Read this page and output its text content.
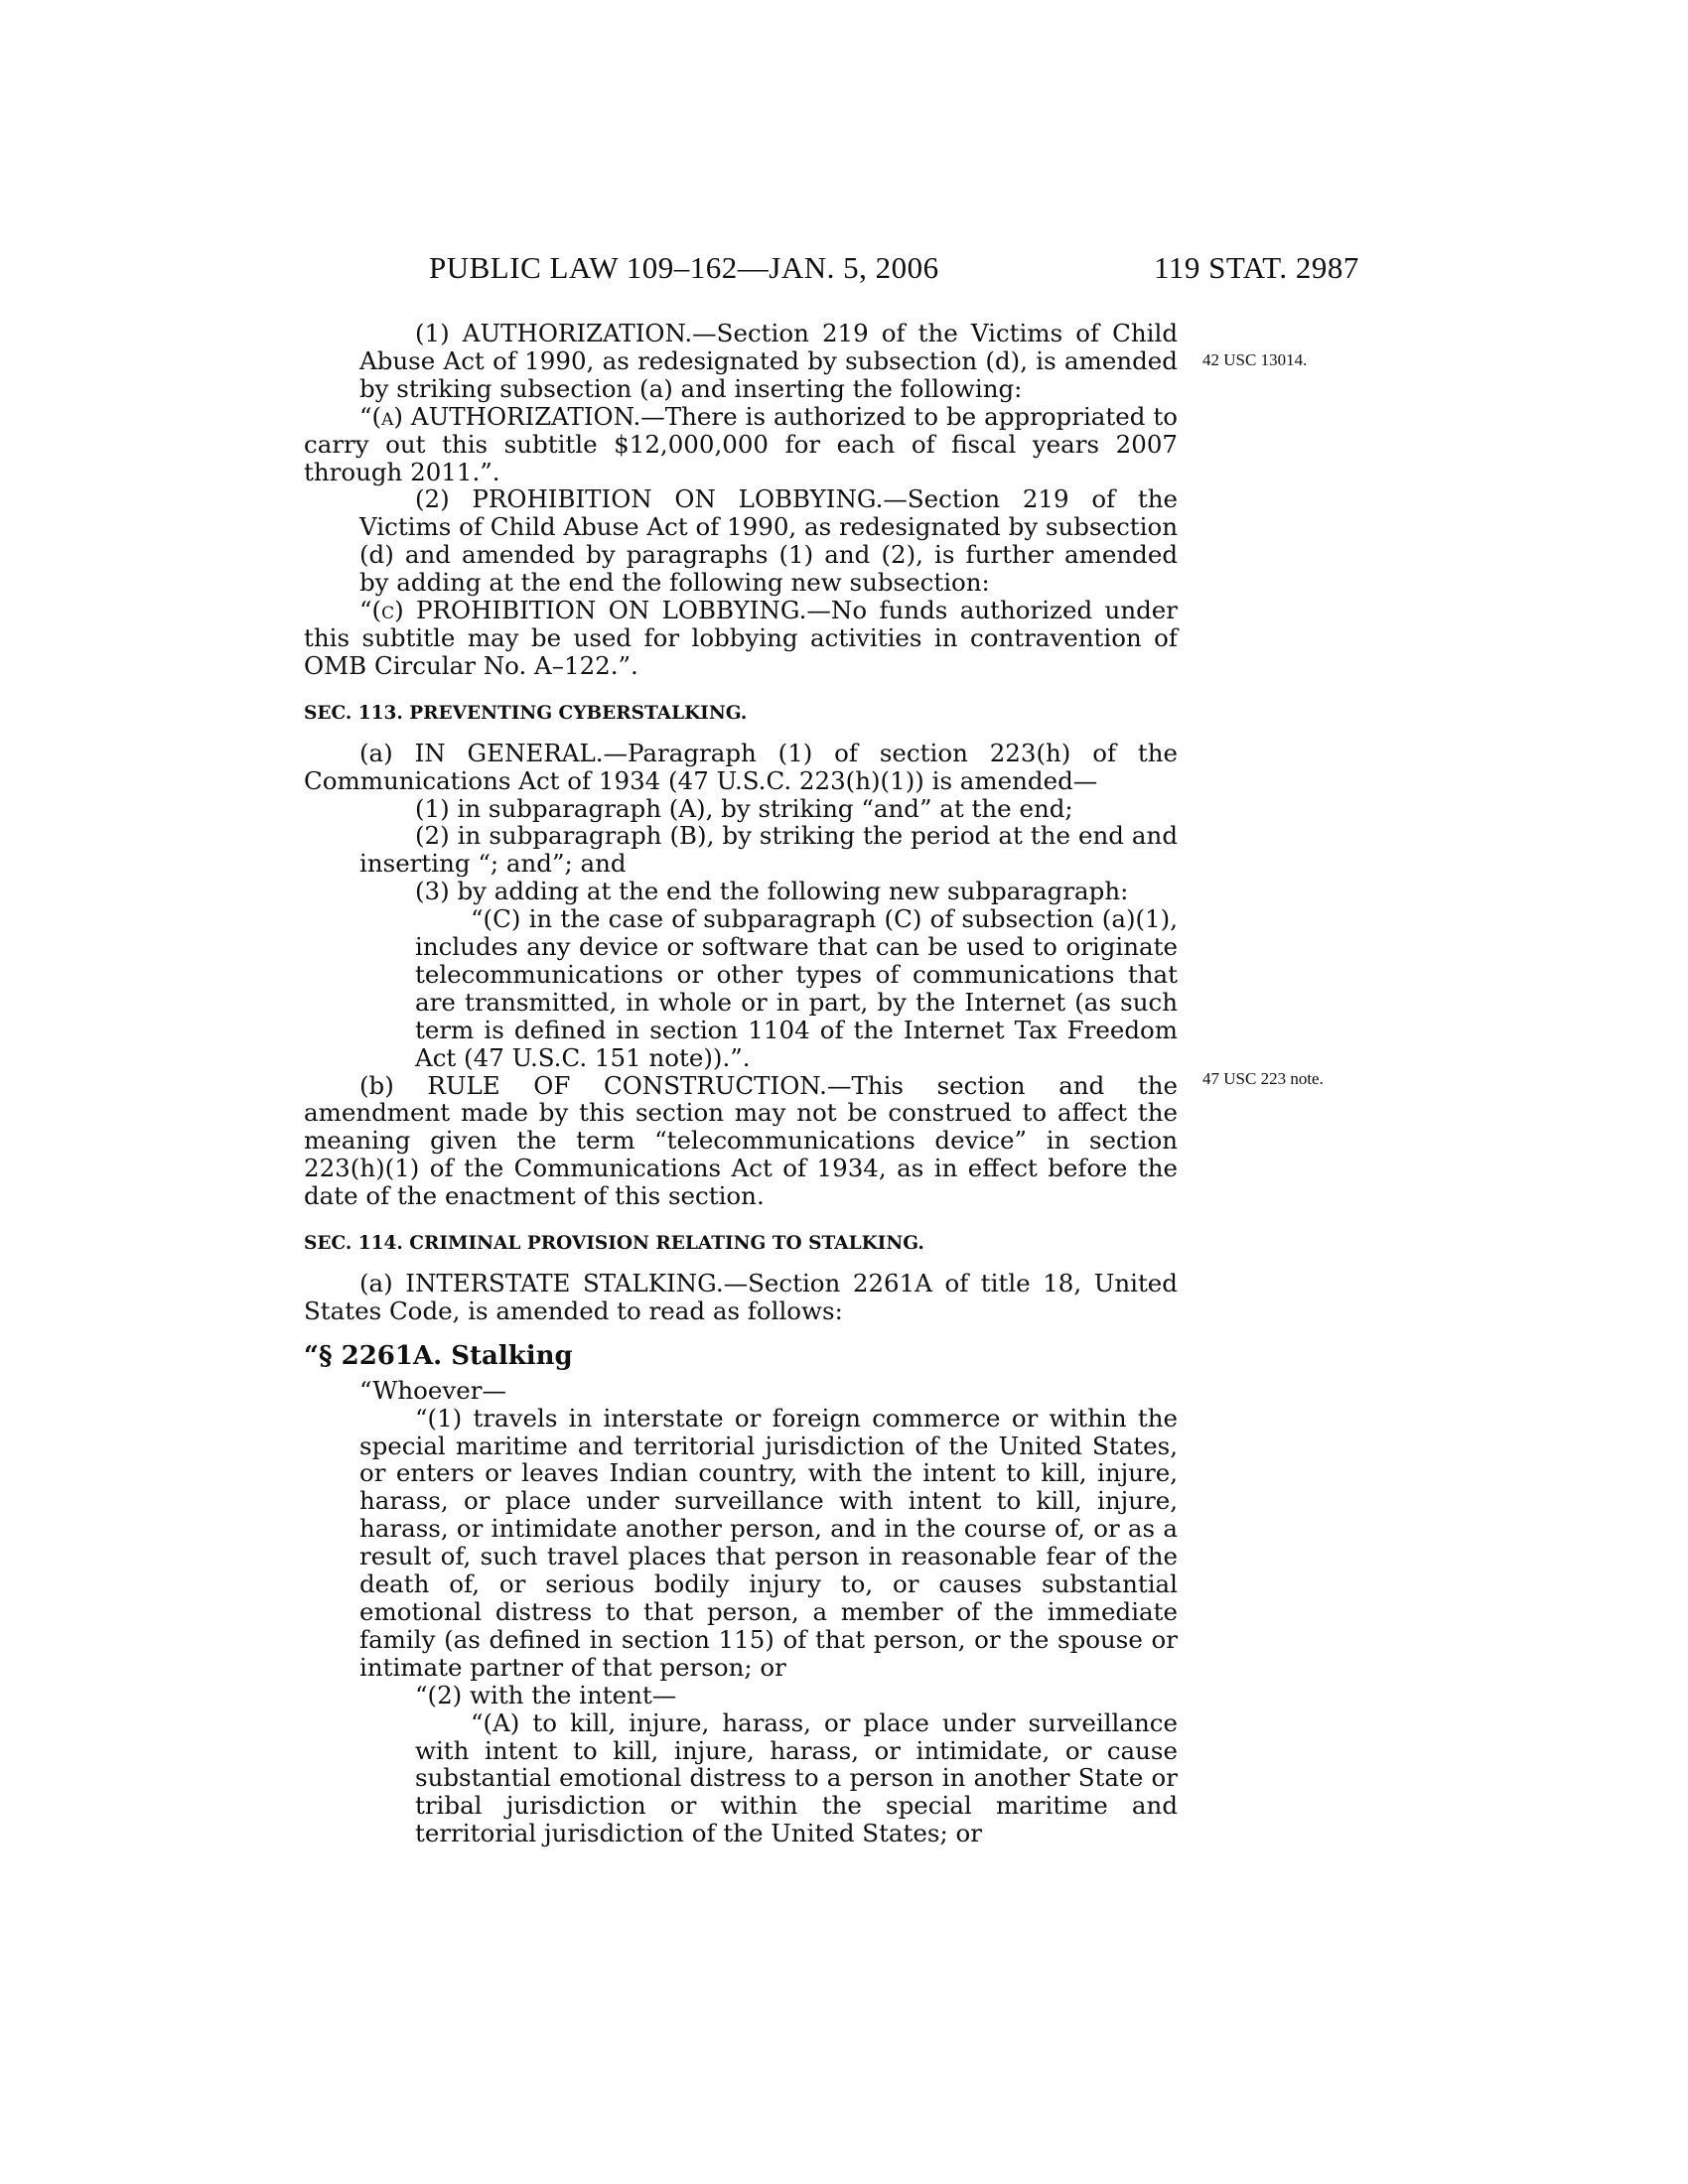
PUBLIC LAW 109–162—JAN. 5, 2006	119 STAT. 2987
42 USC 13014.
47 USC 223 note.

(1) AUTHORIZATION.—Section 219 of the Victims of Child Abuse Act of 1990, as redesignated by subsection (d), is amended by striking subsection (a) and inserting the following:

“(a) AUTHORIZATION.—There is authorized to be appropriated to carry out this subtitle $12,000,000 for each of fiscal years 2007 through 2011.”.

(2) PROHIBITION ON LOBBYING.—Section 219 of the Victims of Child Abuse Act of 1990, as redesignated by subsection (d) and amended by paragraphs (1) and (2), is further amended by adding at the end the following new subsection:

“(c) PROHIBITION ON LOBBYING.—No funds authorized under this subtitle may be used for lobbying activities in contravention of OMB Circular No. A–122.”.

SEC. 113. PREVENTING CYBERSTALKING.

(a) IN GENERAL.—Paragraph (1) of section 223(h) of the Communications Act of 1934 (47 U.S.C. 223(h)(1)) is amended—

(1) in subparagraph (A), by striking “and” at the end;

(2) in subparagraph (B), by striking the period at the end and inserting “; and”; and

(3) by adding at the end the following new subparagraph:

“(C) in the case of subparagraph (C) of subsection (a)(1), includes any device or software that can be used to originate telecommunications or other types of communications that are transmitted, in whole or in part, by the Internet (as such term is defined in section 1104 of the Internet Tax Freedom Act (47 U.S.C. 151 note)).”.

(b) RULE OF CONSTRUCTION.—This section and the amendment made by this section may not be construed to affect the meaning given the term “telecommunications device” in section 223(h)(1) of the Communications Act of 1934, as in effect before the date of the enactment of this section.

SEC. 114. CRIMINAL PROVISION RELATING TO STALKING.

(a) INTERSTATE STALKING.—Section 2261A of title 18, United States Code, is amended to read as follows:

“§ 2261A. Stalking

“Whoever—

“(1) travels in interstate or foreign commerce or within the special maritime and territorial jurisdiction of the United States, or enters or leaves Indian country, with the intent to kill, injure, harass, or place under surveillance with intent to kill, injure, harass, or intimidate another person, and in the course of, or as a result of, such travel places that person in reasonable fear of the death of, or serious bodily injury to, or causes substantial emotional distress to that person, a member of the immediate family (as defined in section 115) of that person, or the spouse or intimate partner of that person; or

“(2) with the intent—

“(A) to kill, injure, harass, or place under surveillance with intent to kill, injure, harass, or intimidate, or cause substantial emotional distress to a person in another State or tribal jurisdiction or within the special maritime and territorial jurisdiction of the United States; or
